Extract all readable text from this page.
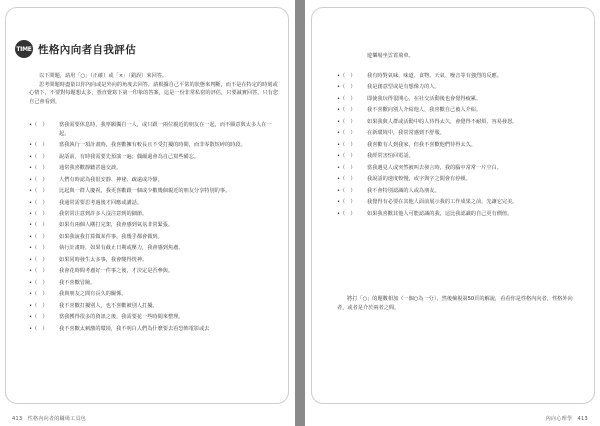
TIME 性格內向者自我評估

以下問題，請用「○」（正確）或「×」（錯誤）來回答。

思考問題時盡量以你內向或是外向的角度去回答，請根據自己平常的狀態來判斷，而不是在特定的時刻或心情下，不要對每題想太多，憑直覺寫下第一印象的答案，這是一份非常私密的評估，只要誠實回答，只有您自己會看到。

•（　）	當我需要休息時，我寧願獨自一人，或只跟一兩位親近的朋友在一起，而不願意與太多人在一起。
•（　）	當我執行一項計畫時，我喜歡擁有較長且不受打擾的時間，而非零散短碎的時段。
•（　）	說話前，有時我需要先預演一遍；偶爾還會為自己寫些備忘。
•（　）	通常我喜歡靜聽甚過交談。
•（　）	人們有時認為我很安靜、神祕、疏遠或冷靜。
•（　）	比起與一群人慶祝，我更喜歡跟一個或少數幾個親近的朋友分享特別的事。
•（　）	我通常需要思考過後才回應或講話。
•（　）	我常常注意到許多人沒注意到的細節。
•（　）	如果有兩個人剛打完架，我會感到氣氛非常緊張。
•（　）	如果我說我打算做某件事，我幾乎都會做到。
•（　）	執行計畫時，如果有截止日期或壓力，我會感到焦慮。
•（　）	如果同時發生太多事，我會變得恍神。
•（　）	我會花時間考慮好一件事之後，才決定是否參與。
•（　）	我不喜歡冒險。
•（　）	我與朋友之間有長久的關係。
•（　）	我不喜歡打擾別人，也不喜歡被別人打擾。
•（　）	當我獲得很多的資訊之後，我需要花一些時間來整理。
•（　）	我不喜歡太刺激的環境，我不明白人們為什麼要去看恐怖電影或去
413　性格內向者的職場工具包
遊樂場坐雲霄飛車。
•（　）	我有時對氣味、味道、食物、天氣、噪音等有強烈的反應。
•（　）	我是創意型或是有想像力的人。
•（　）	即使我玩得很開心，在社交活動後也會覺得疲累。
•（　）	我不喜歡向別人介紹他人，我喜歡自己被人介紹。
•（　）	如果我與人群或活動中的人待得太久，會覺得不耐煩、容易發怒。
•（　）	在新環境中，我常常感到不舒服。
•（　）	我喜歡有人到我家，但我不喜歡他們待得太久。
•（　）	我經常害怕回電話。
•（　）	當我遇見人或突然被叫去發言時，我的腦中常常一片空白。
•（　）	我說話的速度較慢，或字與字之間會有停頓。
•（　）	我不會特別認識的人或為朋友。
•（　）	我覺得有必要在其他人面前展示我的工作成果之前，先讓它完美。
•（　）	如果我喜歡其他人可能認識的我，這比我認識的自己更有價值。
將打「○」的題數相加（一個○為一分），然後檢視第50頁的解說，看看你是性格內向者，性格外向者，或者是介於兩者之間。
內向心理學　413
